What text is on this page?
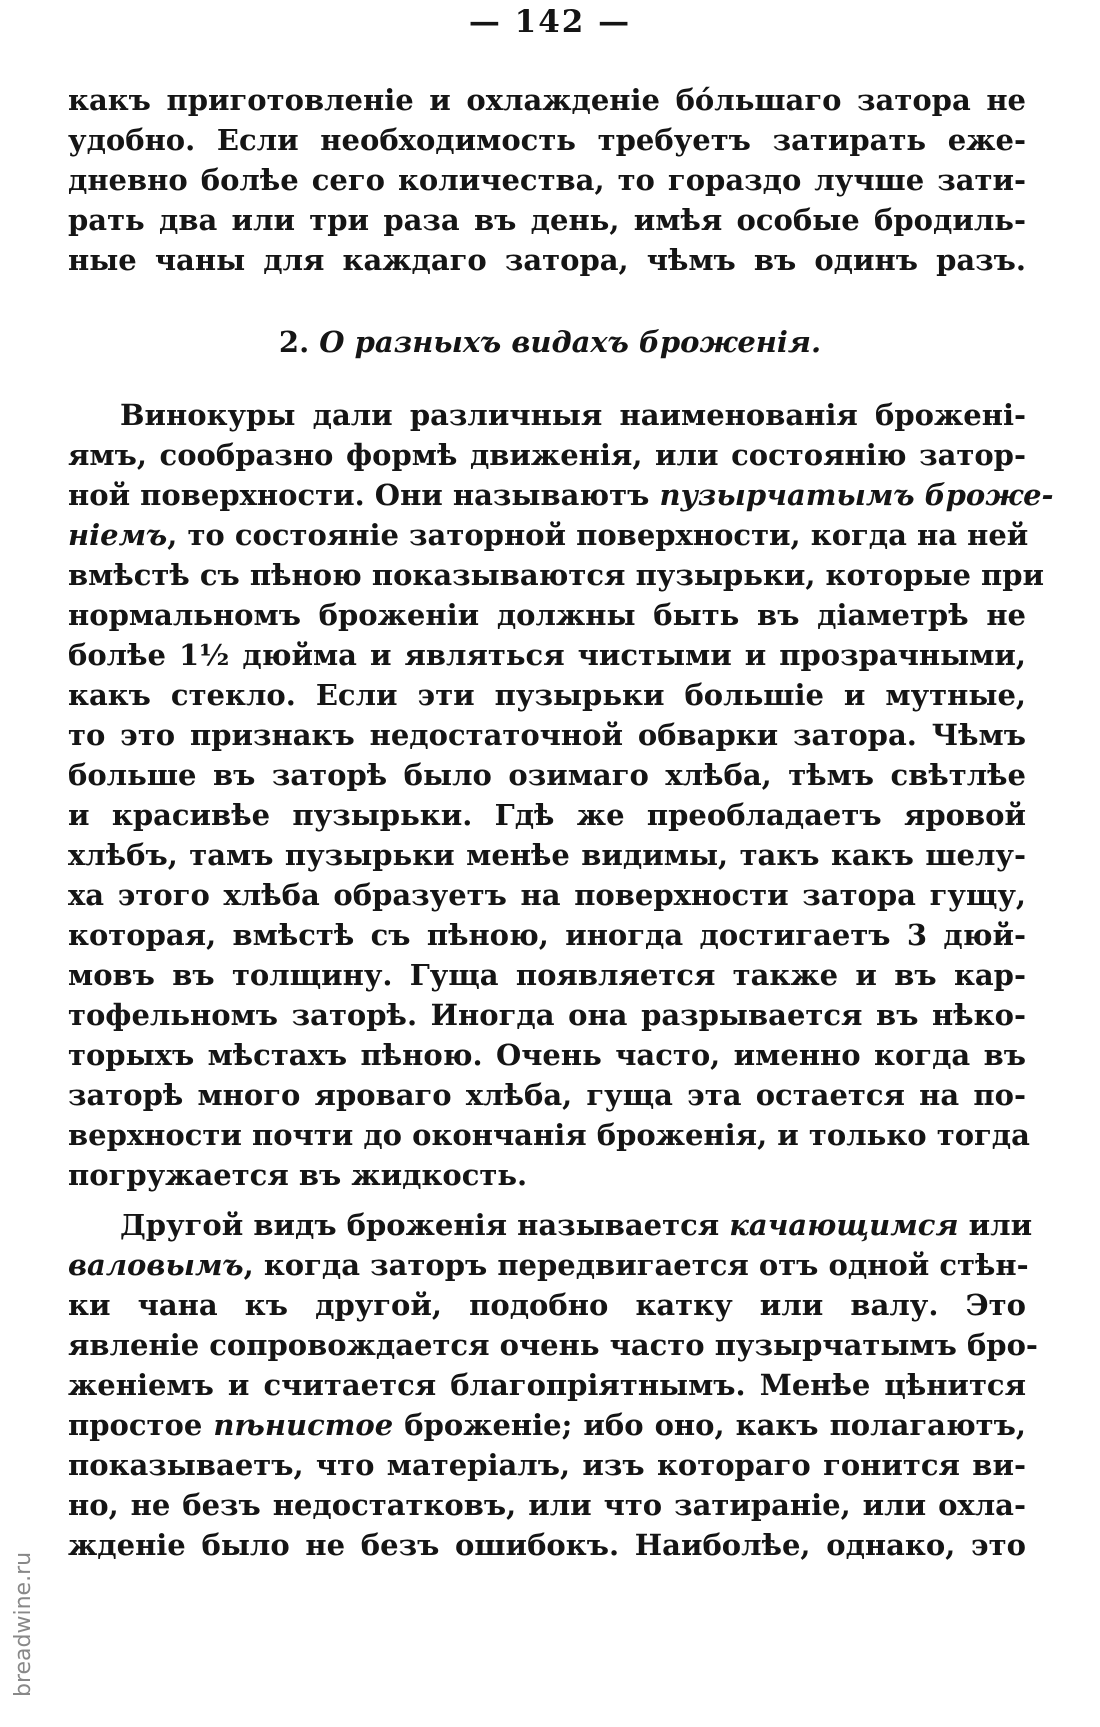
— 142 —
какъ приготовленіе и охлажденіе бо́льшаго затора не
удобно. Если необходимость требуетъ затирать еже-
дневно болѣе сего количества, то гораздо лучше зати-
рать два или три раза въ день, имѣя особые бродиль-
ные чаны для каждаго затора, чѣмъ въ одинъ разъ.
2. О разныхъ видахъ броженія.
Винокуры дали различныя наименованія броженi-
ямъ, сообразно формѣ движенія, или состоянію затор-
ной поверхности. Они называютъ пузырчатымъ броже-
ніемъ, то состояніе заторной поверхности, когда на ней
вмѣстѣ съ пѣною показываются пузырьки, которые при
нормальномъ броженіи должны быть въ діаметрѣ не
болѣе 1½ дюйма и являться чистыми и прозрачными,
какъ стекло. Если эти пузырьки большіе и мутные,
то это признакъ недостаточной обварки затора. Чѣмъ
больше въ заторѣ было озимаго хлѣба, тѣмъ свѣтлѣе
и красивѣе пузырьки. Гдѣ же преобладаетъ яровой
хлѣбъ, тамъ пузырьки менѣе видимы, такъ какъ шелу-
ха этого хлѣба образуетъ на поверхности затора гущу,
которая, вмѣстѣ съ пѣною, иногда достигаетъ 3 дюй-
мовъ въ толщину. Гуща появляется также и въ кар-
тофельномъ заторѣ. Иногда она разрывается въ нѣко-
торыхъ мѣстахъ пѣною. Очень часто, именно когда въ
заторѣ много яроваго хлѣба, гуща эта остается на по-
верхности почти до окончанія броженія, и только тогда
погружается въ жидкость.
Другой видъ броженія называется качающимся или
валовымъ, когда заторъ передвигается отъ одной стѣн-
ки чана къ другой, подобно катку или валу. Это
явленіе сопровождается очень часто пузырчатымъ бро-
женіемъ и считается благопріятнымъ. Менѣе цѣнится
простое пѣнистое броженіе; ибо оно, какъ полагаютъ,
показываетъ, что матеріалъ, изъ котораго гонится ви-
но, не безъ недостатковъ, или что затираніе, или охла-
жденіе было не безъ ошибокъ. Наиболѣе, однако, это
breadwine.ru
